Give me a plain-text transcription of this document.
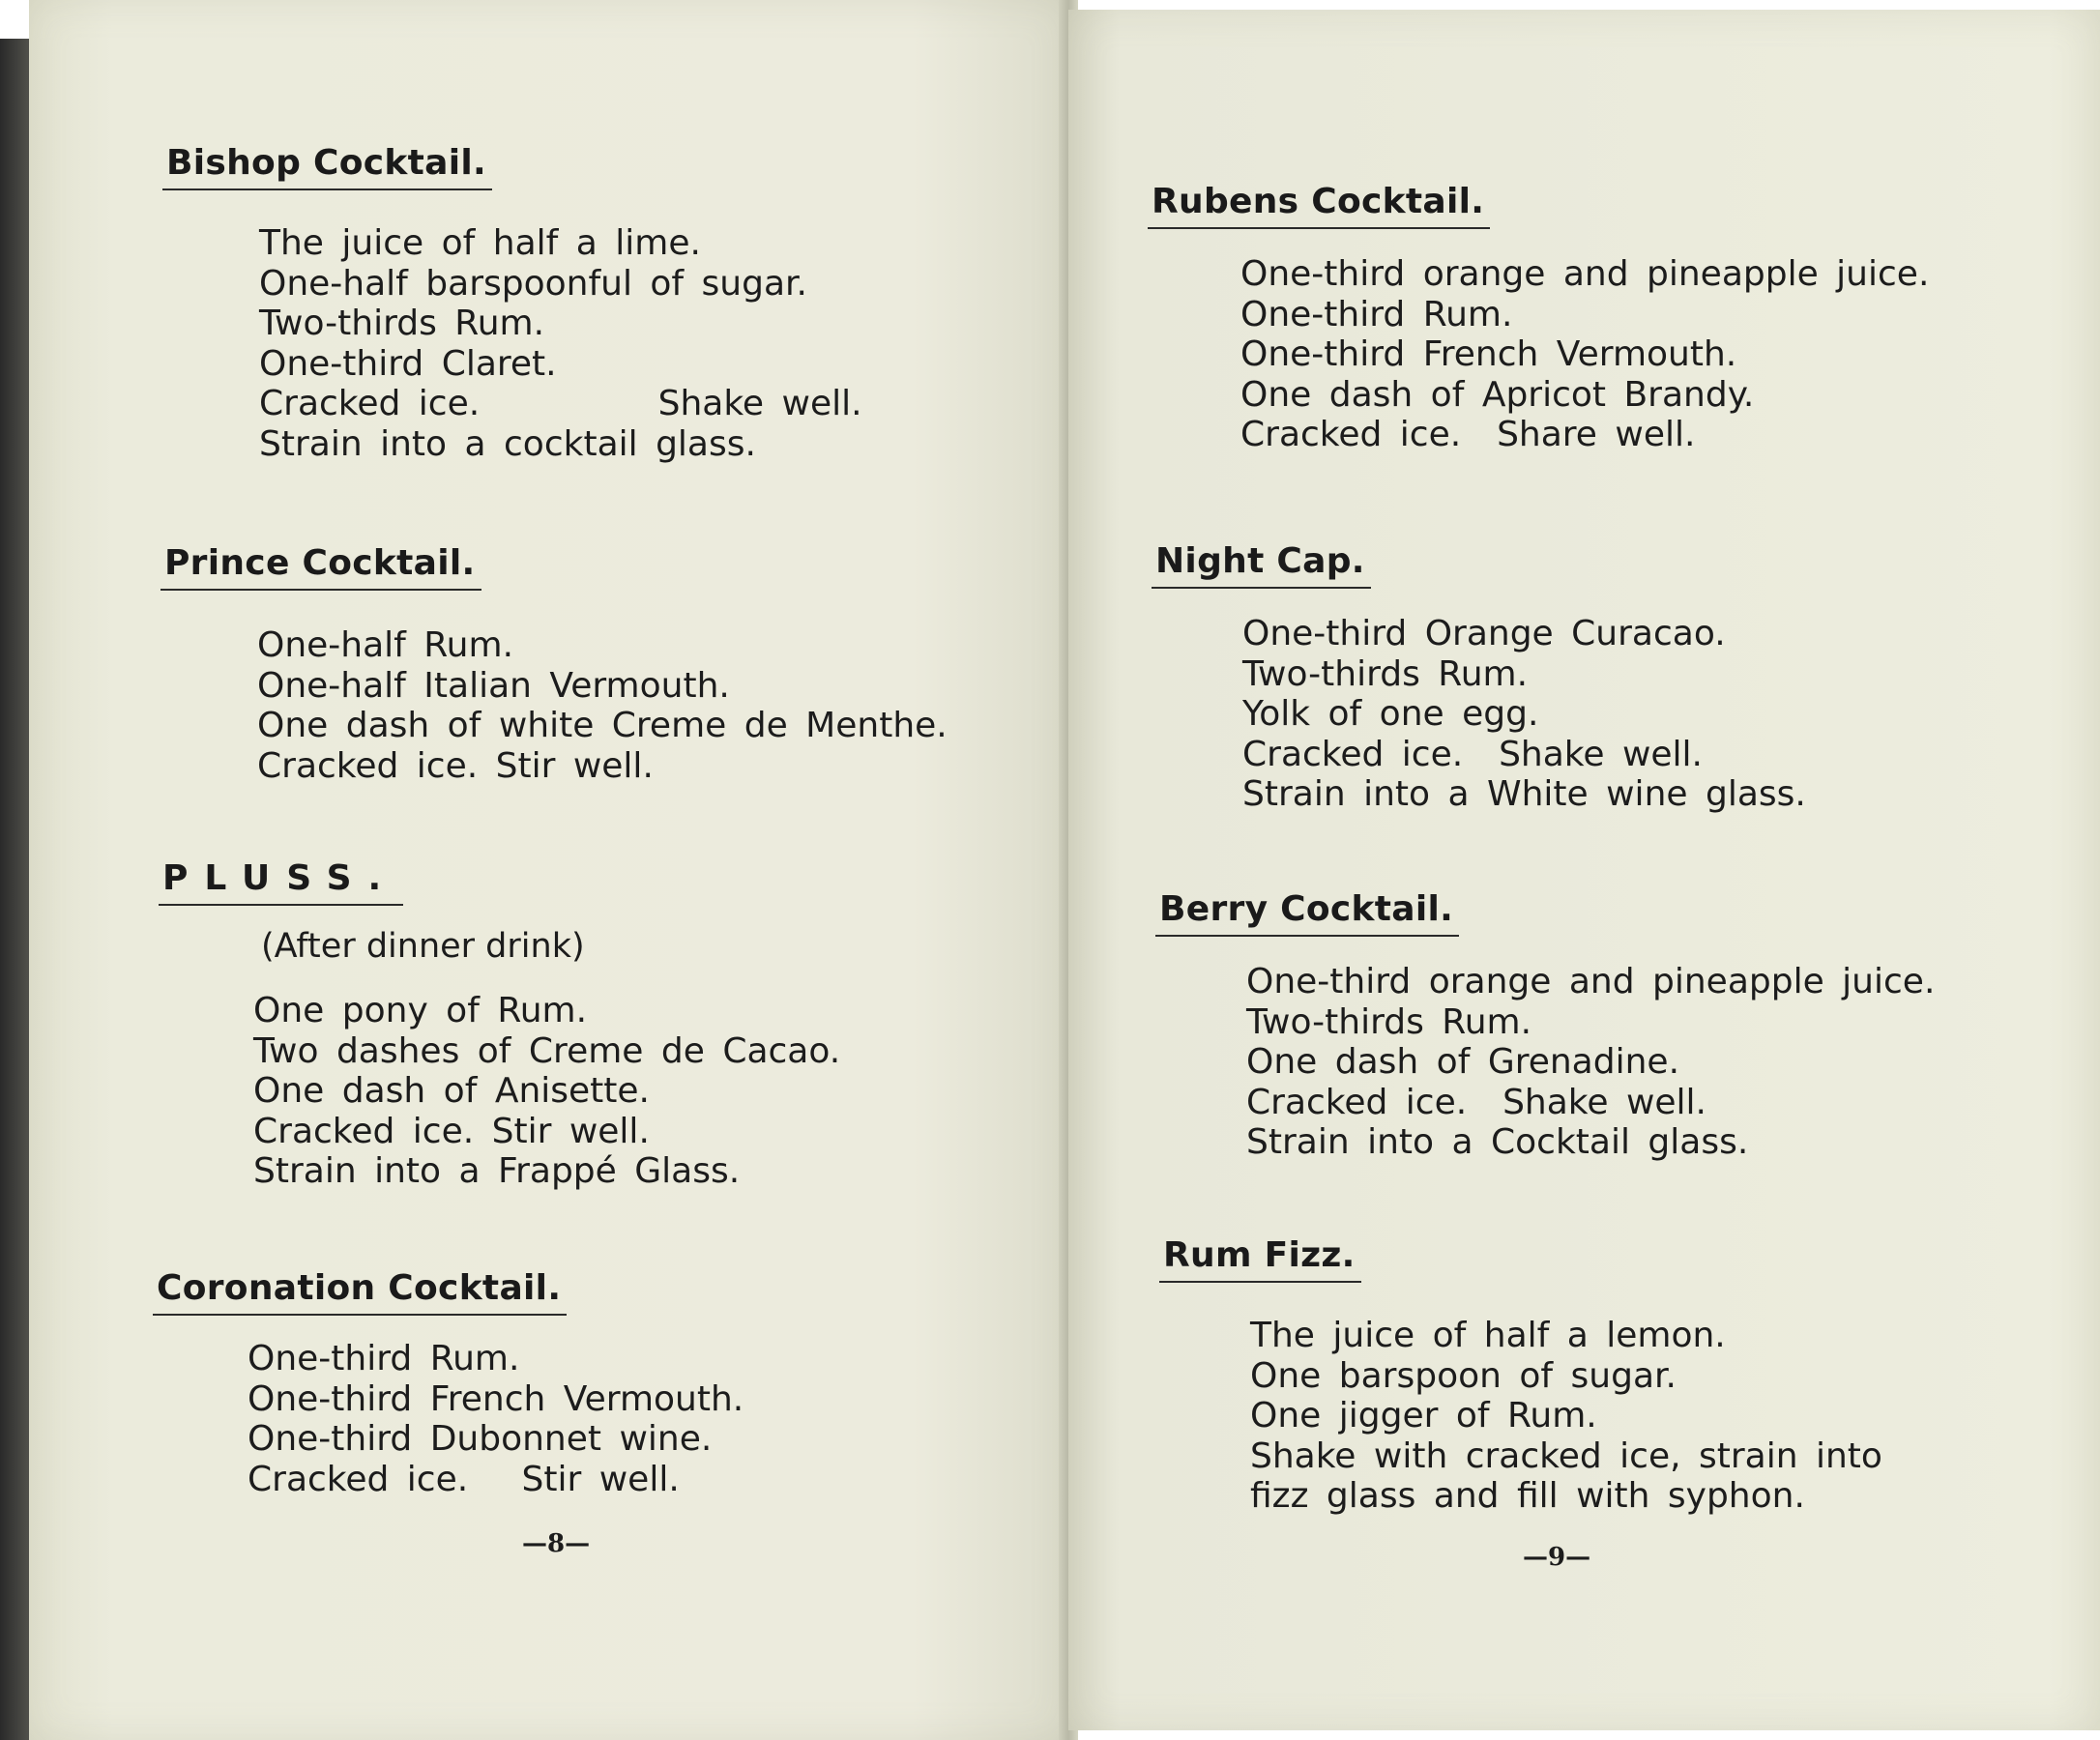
Bishop Cocktail.
The juice of half a lime.
One-half barspoonful of sugar.
Two-thirds Rum.
One-third Claret.
Cracked ice.          Shake well.
Strain into a cocktail glass.
Prince Cocktail.
One-half Rum.
One-half Italian Vermouth.
One dash of white Creme de Menthe.
Cracked ice. Stir well.
PLUSS.
(After dinner drink)
One pony of Rum.
Two dashes of Creme de Cacao.
One dash of Anisette.
Cracked ice. Stir well.
Strain into a Frappé Glass.
Coronation Cocktail.
One-third Rum.
One-third French Vermouth.
One-third Dubonnet wine.
Cracked ice.   Stir well.
—8—
Rubens Cocktail.
One-third orange and pineapple juice.
One-third Rum.
One-third French Vermouth.
One dash of Apricot Brandy.
Cracked ice.  Share well.
Night Cap.
One-third Orange Curacao.
Two-thirds Rum.
Yolk of one egg.
Cracked ice.  Shake well.
Strain into a White wine glass.
Berry Cocktail.
One-third orange and pineapple juice.
Two-thirds Rum.
One dash of Grenadine.
Cracked ice.  Shake well.
Strain into a Cocktail glass.
Rum Fizz.
The juice of half a lemon.
One barspoon of sugar.
One jigger of Rum.
Shake with cracked ice, strain into
fizz glass and fill with syphon.
—9—
